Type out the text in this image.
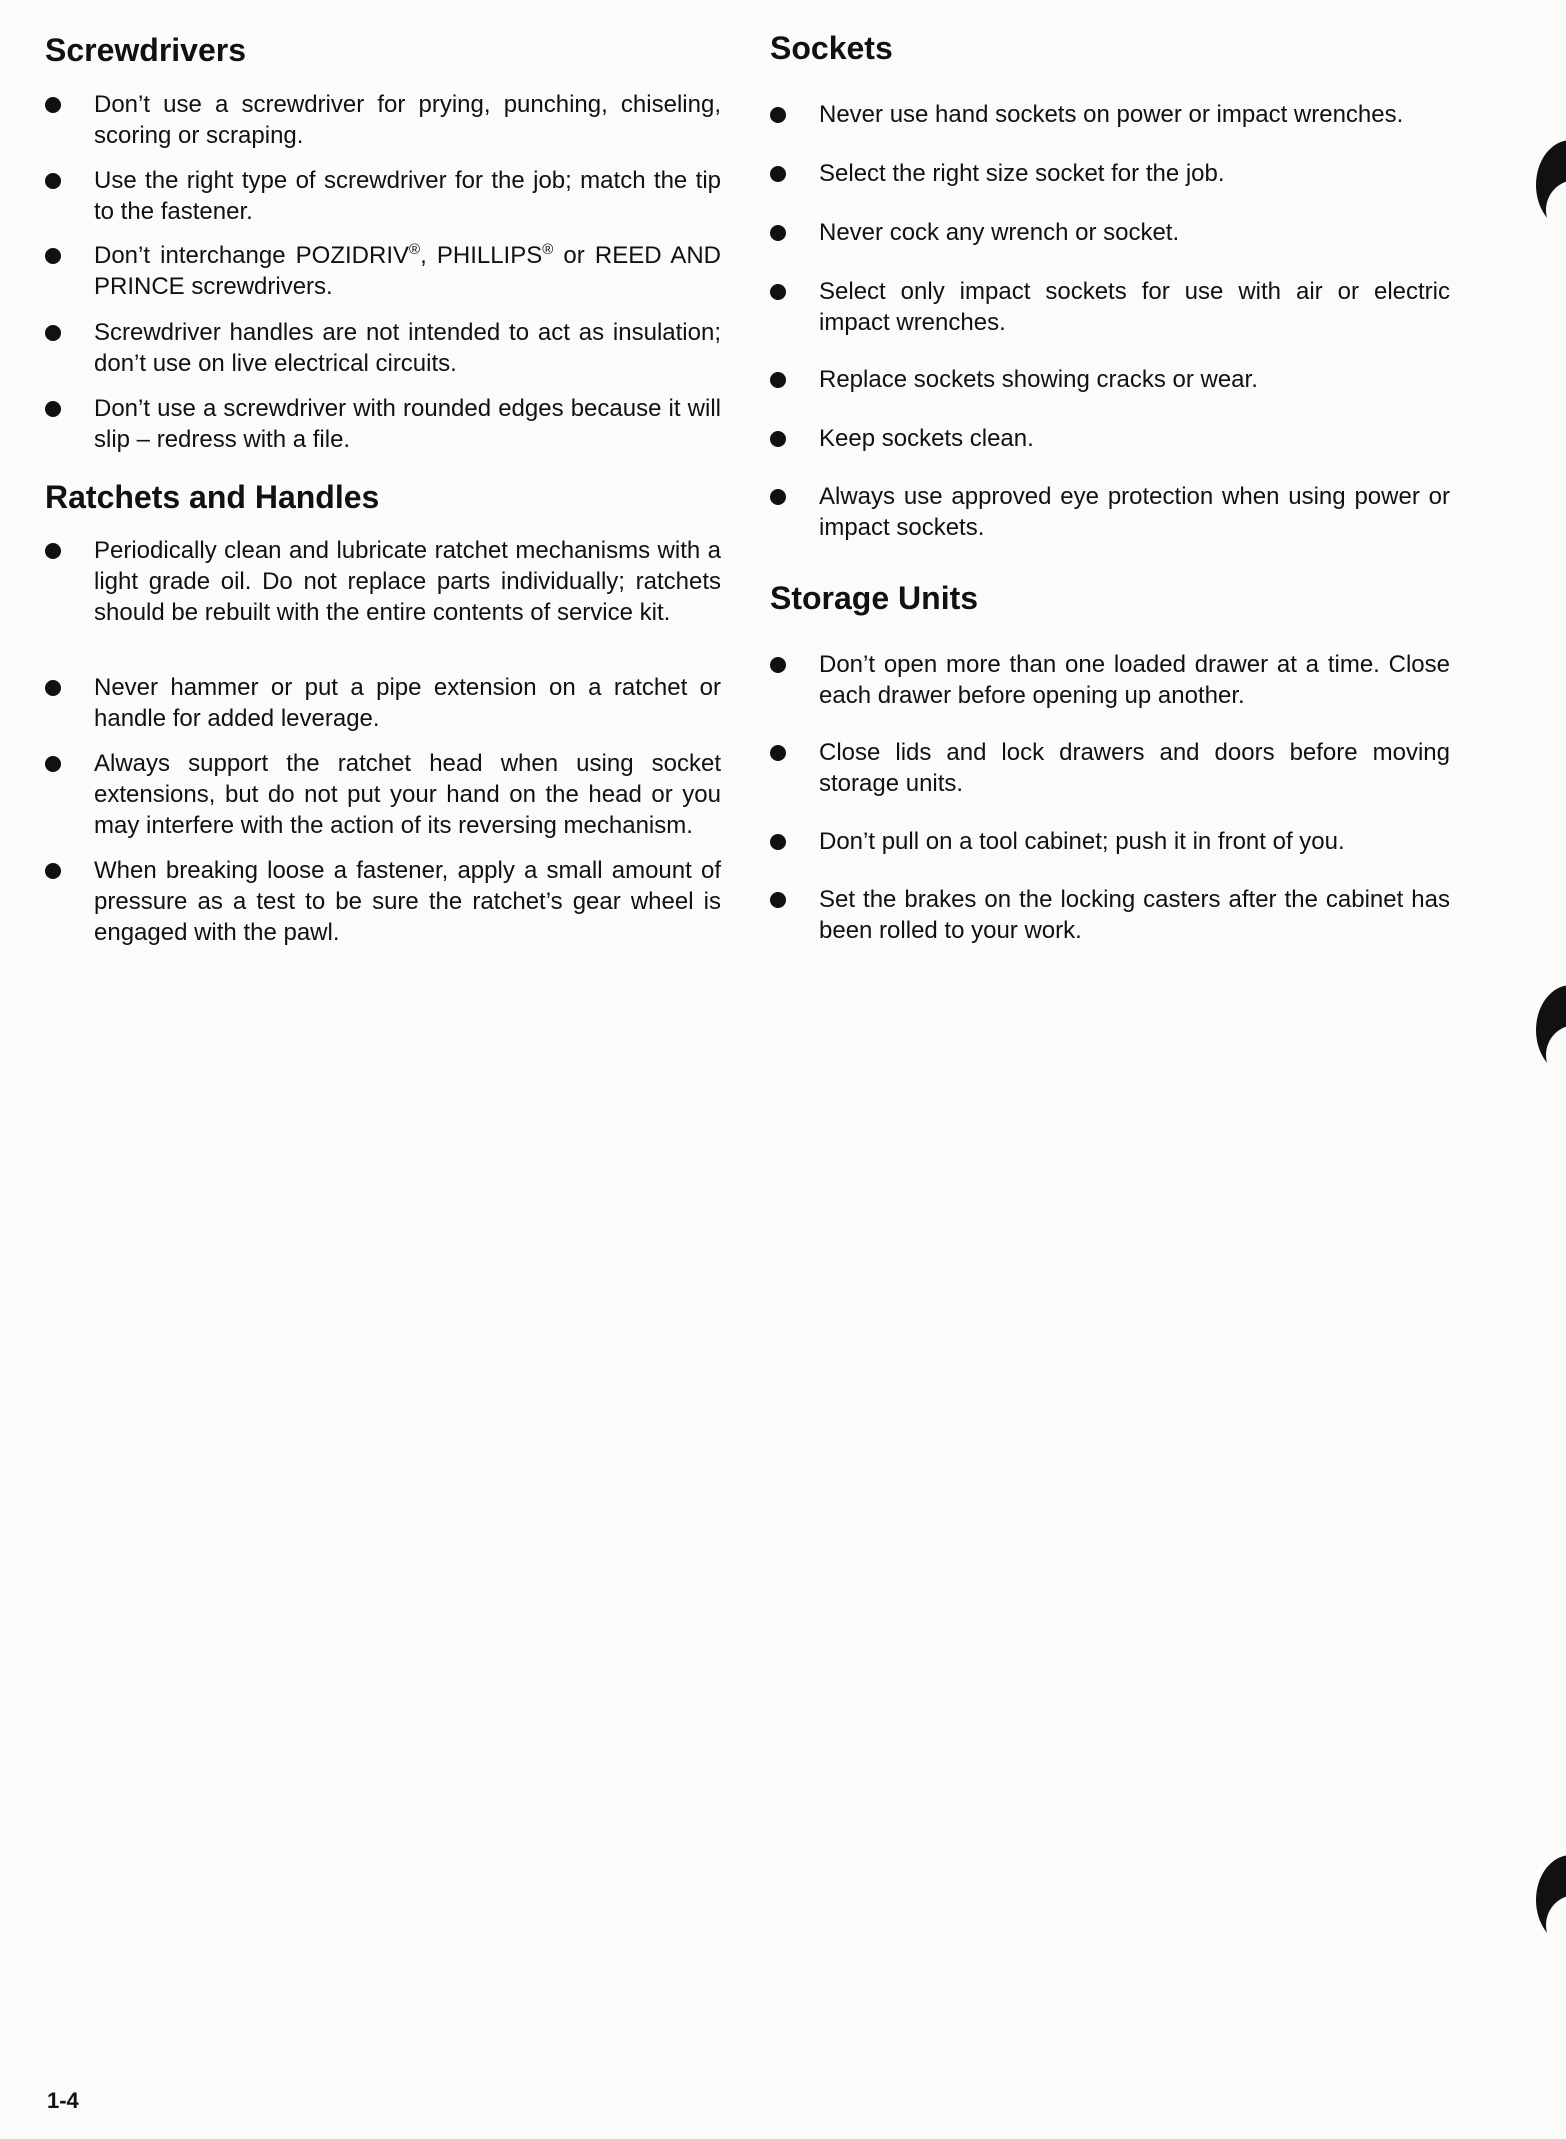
Screwdrivers
Don’t use a screwdriver for prying, punching, chiseling, scoring or scraping.
Use the right type of screwdriver for the job; match the tip to the fastener.
Don’t interchange POZIDRIV®, PHILLIPS® or REED AND PRINCE screwdrivers.
Screwdriver handles are not intended to act as insulation; don’t use on live electrical circuits.
Don’t use a screwdriver with rounded edges because it will slip – redress with a file.
Ratchets and Handles
Periodically clean and lubricate ratchet mechanisms with a light grade oil. Do not replace parts individually; ratchets should be rebuilt with the entire contents of service kit.
Never hammer or put a pipe extension on a ratchet or handle for added leverage.
Always support the ratchet head when using socket extensions, but do not put your hand on the head or you may interfere with the action of its reversing mechanism.
When breaking loose a fastener, apply a small amount of pressure as a test to be sure the ratchet’s gear wheel is engaged with the pawl.
Sockets
Never use hand sockets on power or impact wrenches.
Select the right size socket for the job.
Never cock any wrench or socket.
Select only impact sockets for use with air or electric impact wrenches.
Replace sockets showing cracks or wear.
Keep sockets clean.
Always use approved eye protection when using power or impact sockets.
Storage Units
Don’t open more than one loaded drawer at a time. Close each drawer before opening up another.
Close lids and lock drawers and doors before moving storage units.
Don’t pull on a tool cabinet; push it in front of you.
Set the brakes on the locking casters after the cabinet has been rolled to your work.
1-4
